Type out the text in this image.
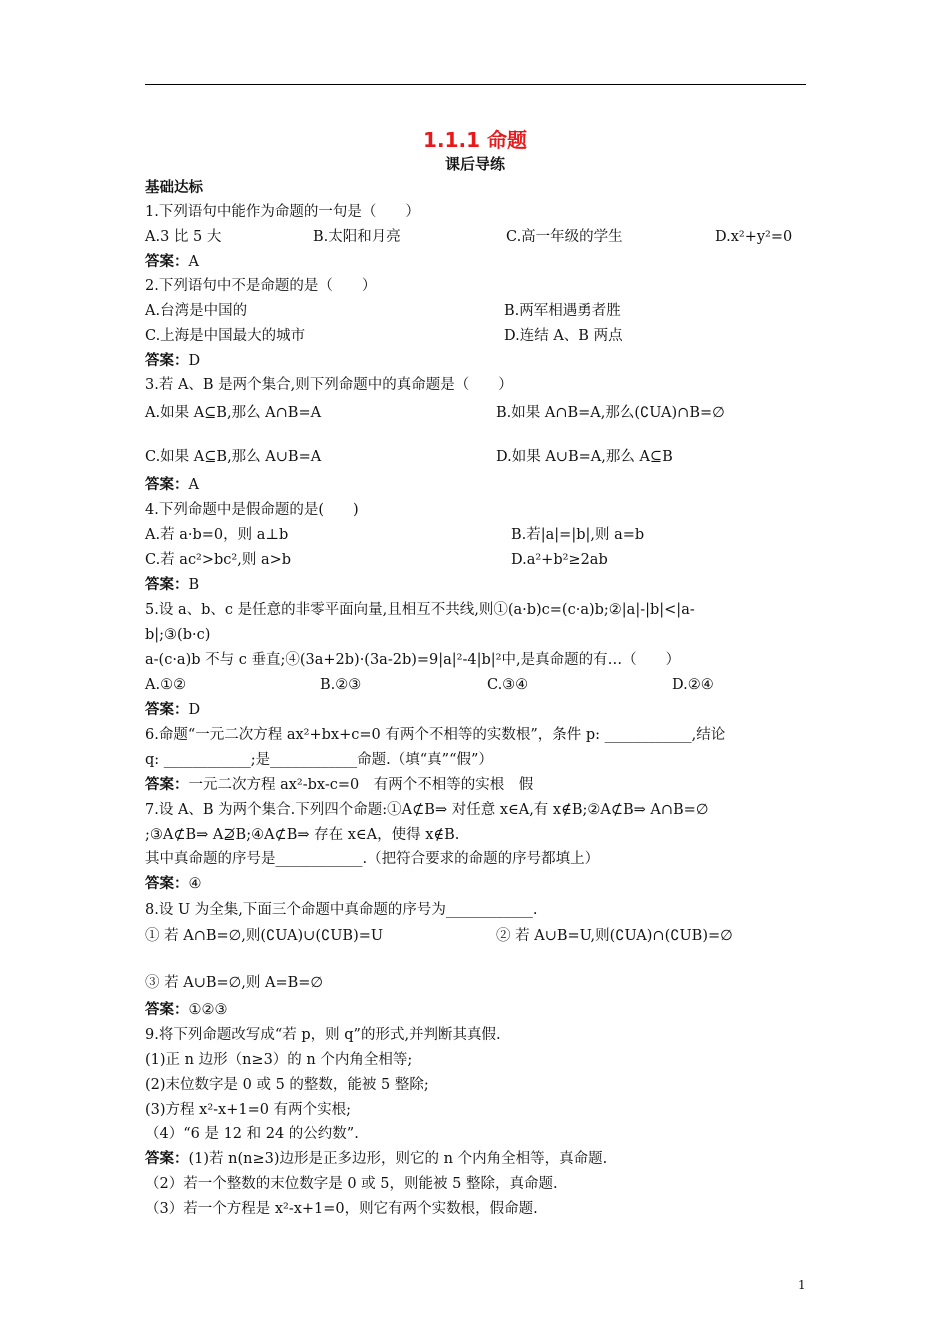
1.1.1 命题
课后导练
基础达标
1.下列语句中能作为命题的一句是（　　）
A.3 比 5 大	B.太阳和月亮	C.高一年级的学生	D.x²+y²=0
答案：A
2.下列语句中不是命题的是（　　）
A.台湾是中国的	B.两军相遇勇者胜
C.上海是中国最大的城市	D.连结 A、B 两点
答案：D
3.若 A、B 是两个集合,则下列命题中的真命题是（　　）
A.如果 A⊆B,那么 A∩B=A	B.如果 A∩B=A,那么(∁UA)∩B=∅
C.如果 A⊆B,那么 A∪B=A	D.如果 A∪B=A,那么 A⊆B
答案：A
4.下列命题中是假命题的是(　　)
A.若 a·b=0，则 a⊥b	B.若|a|=|b|,则 a=b
C.若 ac²>bc²,则 a>b	D.a²+b²≥2ab
答案：B
5.设 a、b、c 是任意的非零平面向量,且相互不共线,则①(a·b)c=(c·a)b;②|a|-|b|<|a-
b|;③(b·c)
a-(c·a)b 不与 c 垂直;④(3a+2b)·(3a-2b)=9|a|²-4|b|²中,是真命题的有…（　　）
A.①②	B.②③	C.③④	D.②④
答案：D
6.命题“一元二次方程 ax²+bx+c=0 有两个不相等的实数根”，条件 p: ____________,结论
q: ____________;是____________命题.（填“真”“假”）
答案：一元二次方程 ax²-bx-c=0　有两个不相等的实根　假
7.设 A、B 为两个集合.下列四个命题:①A⊄B⇒ 对任意 x∈A,有 x∉B;②A⊄B⇒ A∩B=∅
;③A⊄B⇒ A⊉B;④A⊄B⇒ 存在 x∈A，使得 x∉B.
其中真命题的序号是____________.（把符合要求的命题的序号都填上）
答案：④
8.设 U 为全集,下面三个命题中真命题的序号为____________.
① 若 A∩B=∅,则(∁UA)∪(∁UB)=U	② 若 A∪B=U,则(∁UA)∩(∁UB)=∅
③ 若 A∪B=∅,则 A=B=∅
答案：①②③
9.将下列命题改写成“若 p，则 q”的形式,并判断其真假.
(1)正 n 边形（n≥3）的 n 个内角全相等;
(2)末位数字是 0 或 5 的整数，能被 5 整除;
(3)方程 x²-x+1=0 有两个实根;
（4）“6 是 12 和 24 的公约数”.
答案：(1)若 n(n≥3)边形是正多边形，则它的 n 个内角全相等，真命题.
（2）若一个整数的末位数字是 0 或 5，则能被 5 整除，真命题.
（3）若一个方程是 x²-x+1=0，则它有两个实数根，假命题.
1
